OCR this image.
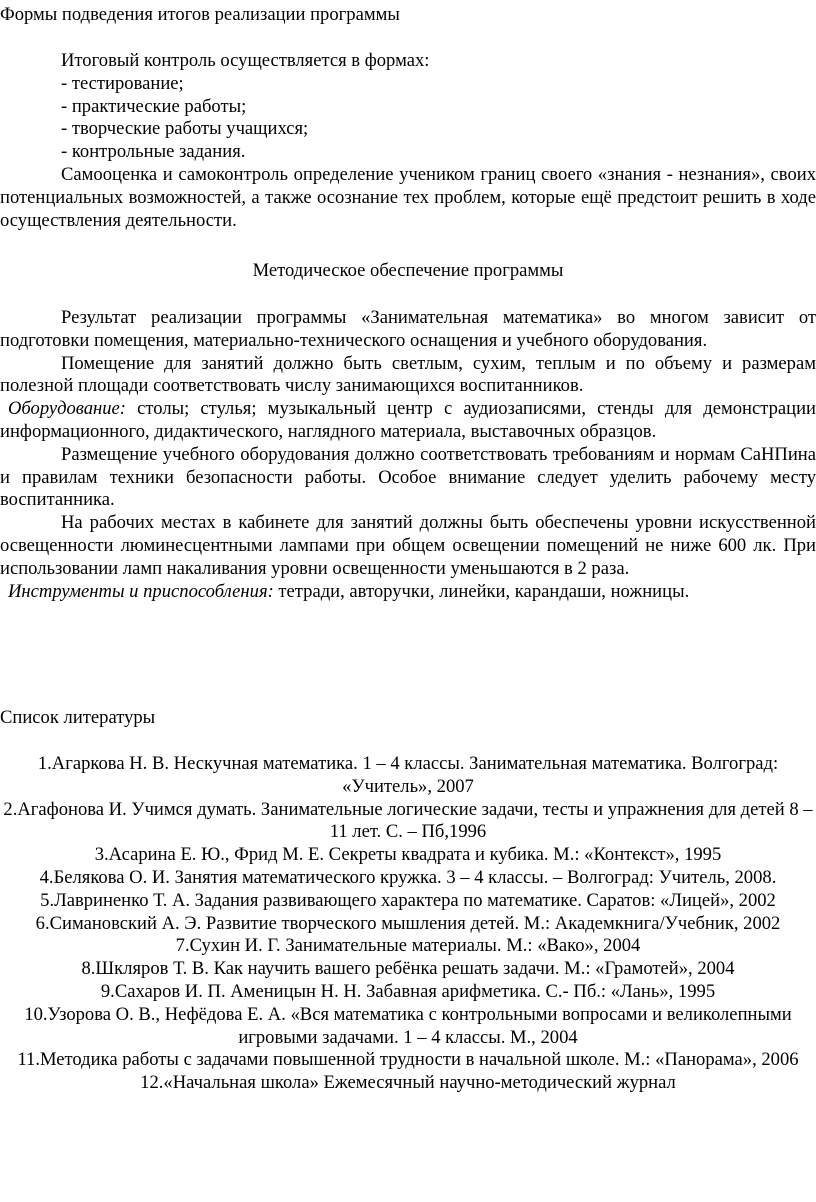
Формы подведения итогов реализации программы

Итоговый контроль осуществляется в формах:

- тестирование;

- практические работы;

- творческие работы учащихся;

- контрольные задания.

Самооценка и самоконтроль определение учеником границ своего «знания - незнания», своих потенциальных возможностей, а также осознание тех проблем, которые ещё предстоит решить в ходе осуществления деятельности.

Методическое обеспечение программы

Результат реализации программы «Занимательная математика» во многом зависит от подготовки помещения, материально-технического оснащения и учебного оборудования.

Помещение для занятий должно быть светлым, сухим, теплым и по объему и размерам полезной площади соответствовать числу занимающихся воспитанников.

Оборудование: столы; стулья; музыкальный центр с аудиозаписями, стенды для демонстрации информационного, дидактического, наглядного материала, выставочных образцов.

Размещение учебного оборудования должно соответствовать требованиям и нормам СаНПина и правилам техники безопасности работы. Особое внимание следует уделить рабочему месту воспитанника.

На рабочих местах в кабинете для занятий должны быть обеспечены уровни искусственной освещенности люминесцентными лампами при общем освещении помещений не ниже 600 лк. При использовании ламп накаливания уровни освещенности уменьшаются в 2 раза.

Инструменты и приспособления: тетради, авторучки, линейки, карандаши, ножницы.

Список литературы

1.Агаркова Н. В. Нескучная математика. 1 – 4 классы. Занимательная математика. Волгоград: «Учитель», 2007

2.Агафонова И. Учимся думать. Занимательные логические задачи, тесты и упражнения для детей 8 – 11 лет. С. – Пб,1996

3.Асарина Е. Ю., Фрид М. Е. Секреты квадрата и кубика. М.: «Контекст», 1995

4.Белякова О. И. Занятия математического кружка. 3 – 4 классы. – Волгоград: Учитель, 2008.

5.Лавриненко Т. А. Задания развивающего характера по математике. Саратов: «Лицей», 2002

6.Симановский А. Э. Развитие творческого мышления детей. М.: Академкнига/Учебник, 2002

7.Сухин И. Г. Занимательные материалы. М.: «Вако», 2004

8.Шкляров Т. В. Как научить вашего ребёнка решать задачи. М.: «Грамотей», 2004

9.Сахаров И. П. Аменицын Н. Н. Забавная арифметика. С.- Пб.: «Лань», 1995

10.Узорова О. В., Нефёдова Е. А. «Вся математика с контрольными вопросами и великолепными игровыми задачами. 1 – 4 классы. М., 2004

11.Методика работы с задачами повышенной трудности в начальной школе. М.: «Панорама», 2006

12.«Начальная школа» Ежемесячный научно-методический журнал
